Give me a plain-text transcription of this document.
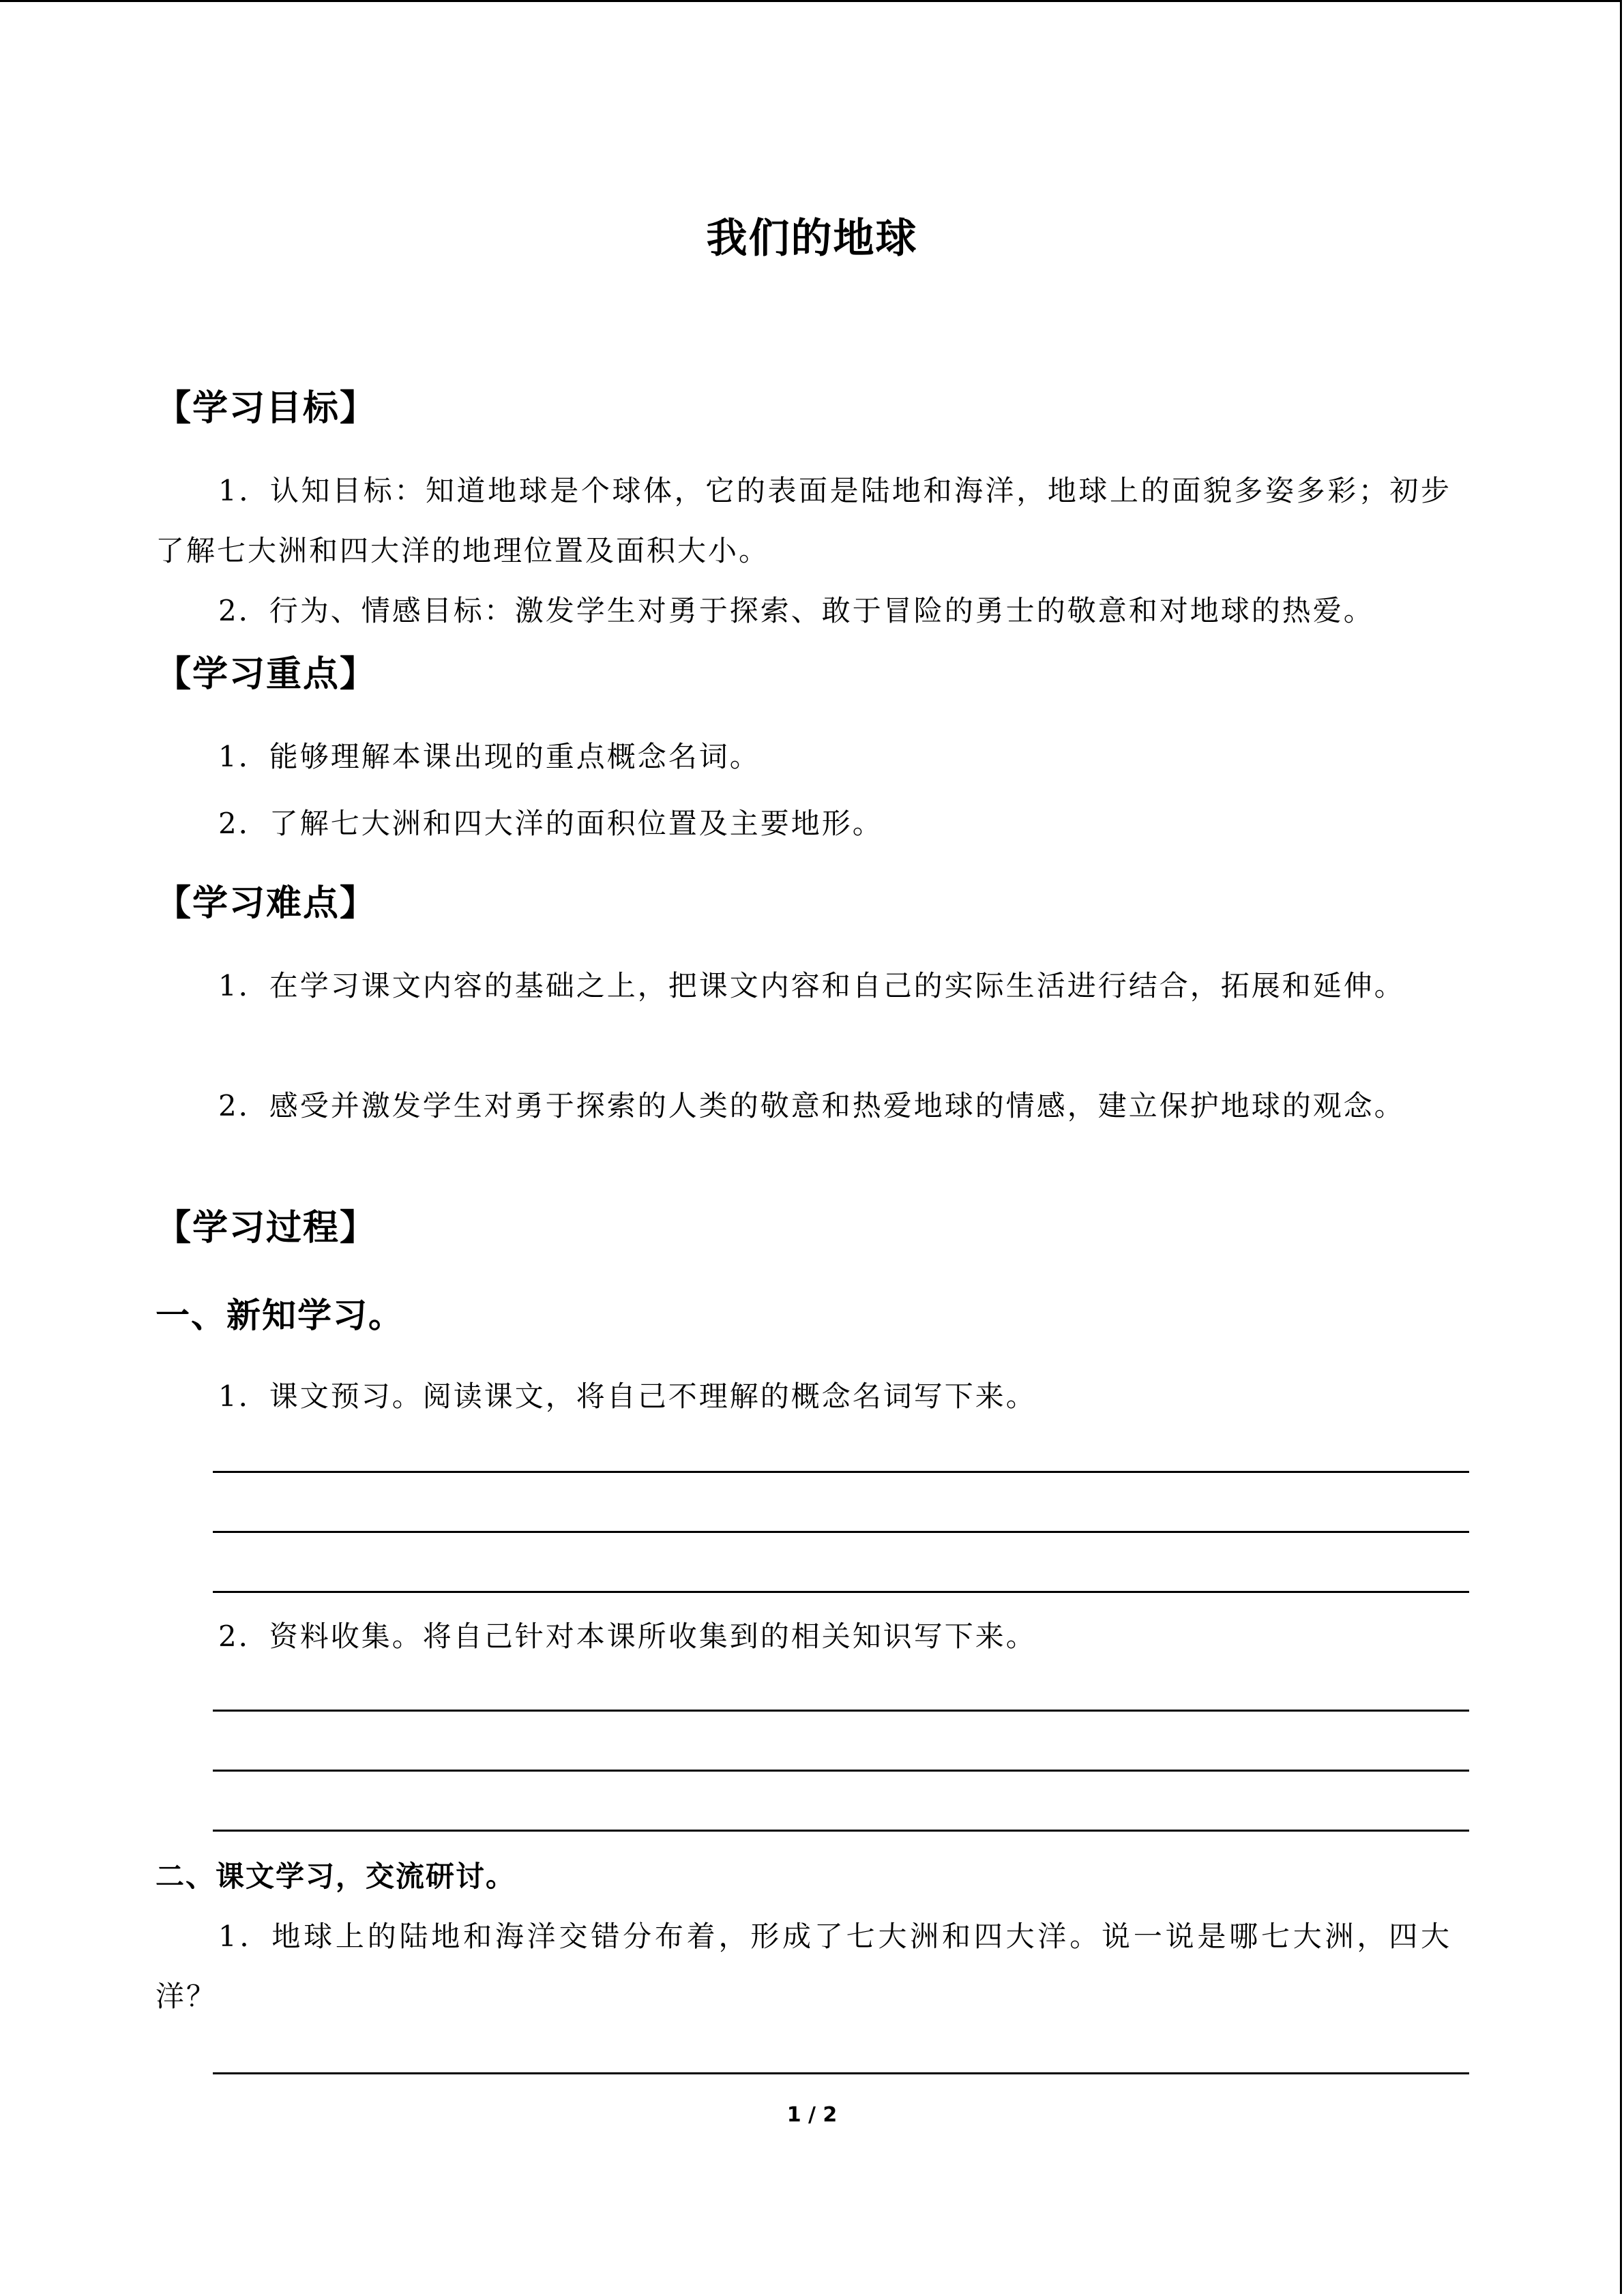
我们的地球
【学习目标】

1．认知目标：知道地球是个球体，它的表面是陆地和海洋，地球上的面貌多姿多彩；初步了解七大洲和四大洋的地理位置及面积大小。

2．行为、情感目标：激发学生对勇于探索、敢于冒险的勇士的敬意和对地球的热爱。

【学习重点】

1．能够理解本课出现的重点概念名词。

2．了解七大洲和四大洋的面积位置及主要地形。

【学习难点】

1．在学习课文内容的基础之上，把课文内容和自己的实际生活进行结合，拓展和延伸。

2．感受并激发学生对勇于探索的人类的敬意和热爱地球的情感，建立保护地球的观念。

【学习过程】
一、新知学习。

1．课文预习。阅读课文，将自己不理解的概念名词写下来。

2．资料收集。将自己针对本课所收集到的相关知识写下来。

二、课文学习，交流研讨。

1．地球上的陆地和海洋交错分布着，形成了七大洲和四大洋。说一说是哪七大洲，四大洋？

1 / 2
